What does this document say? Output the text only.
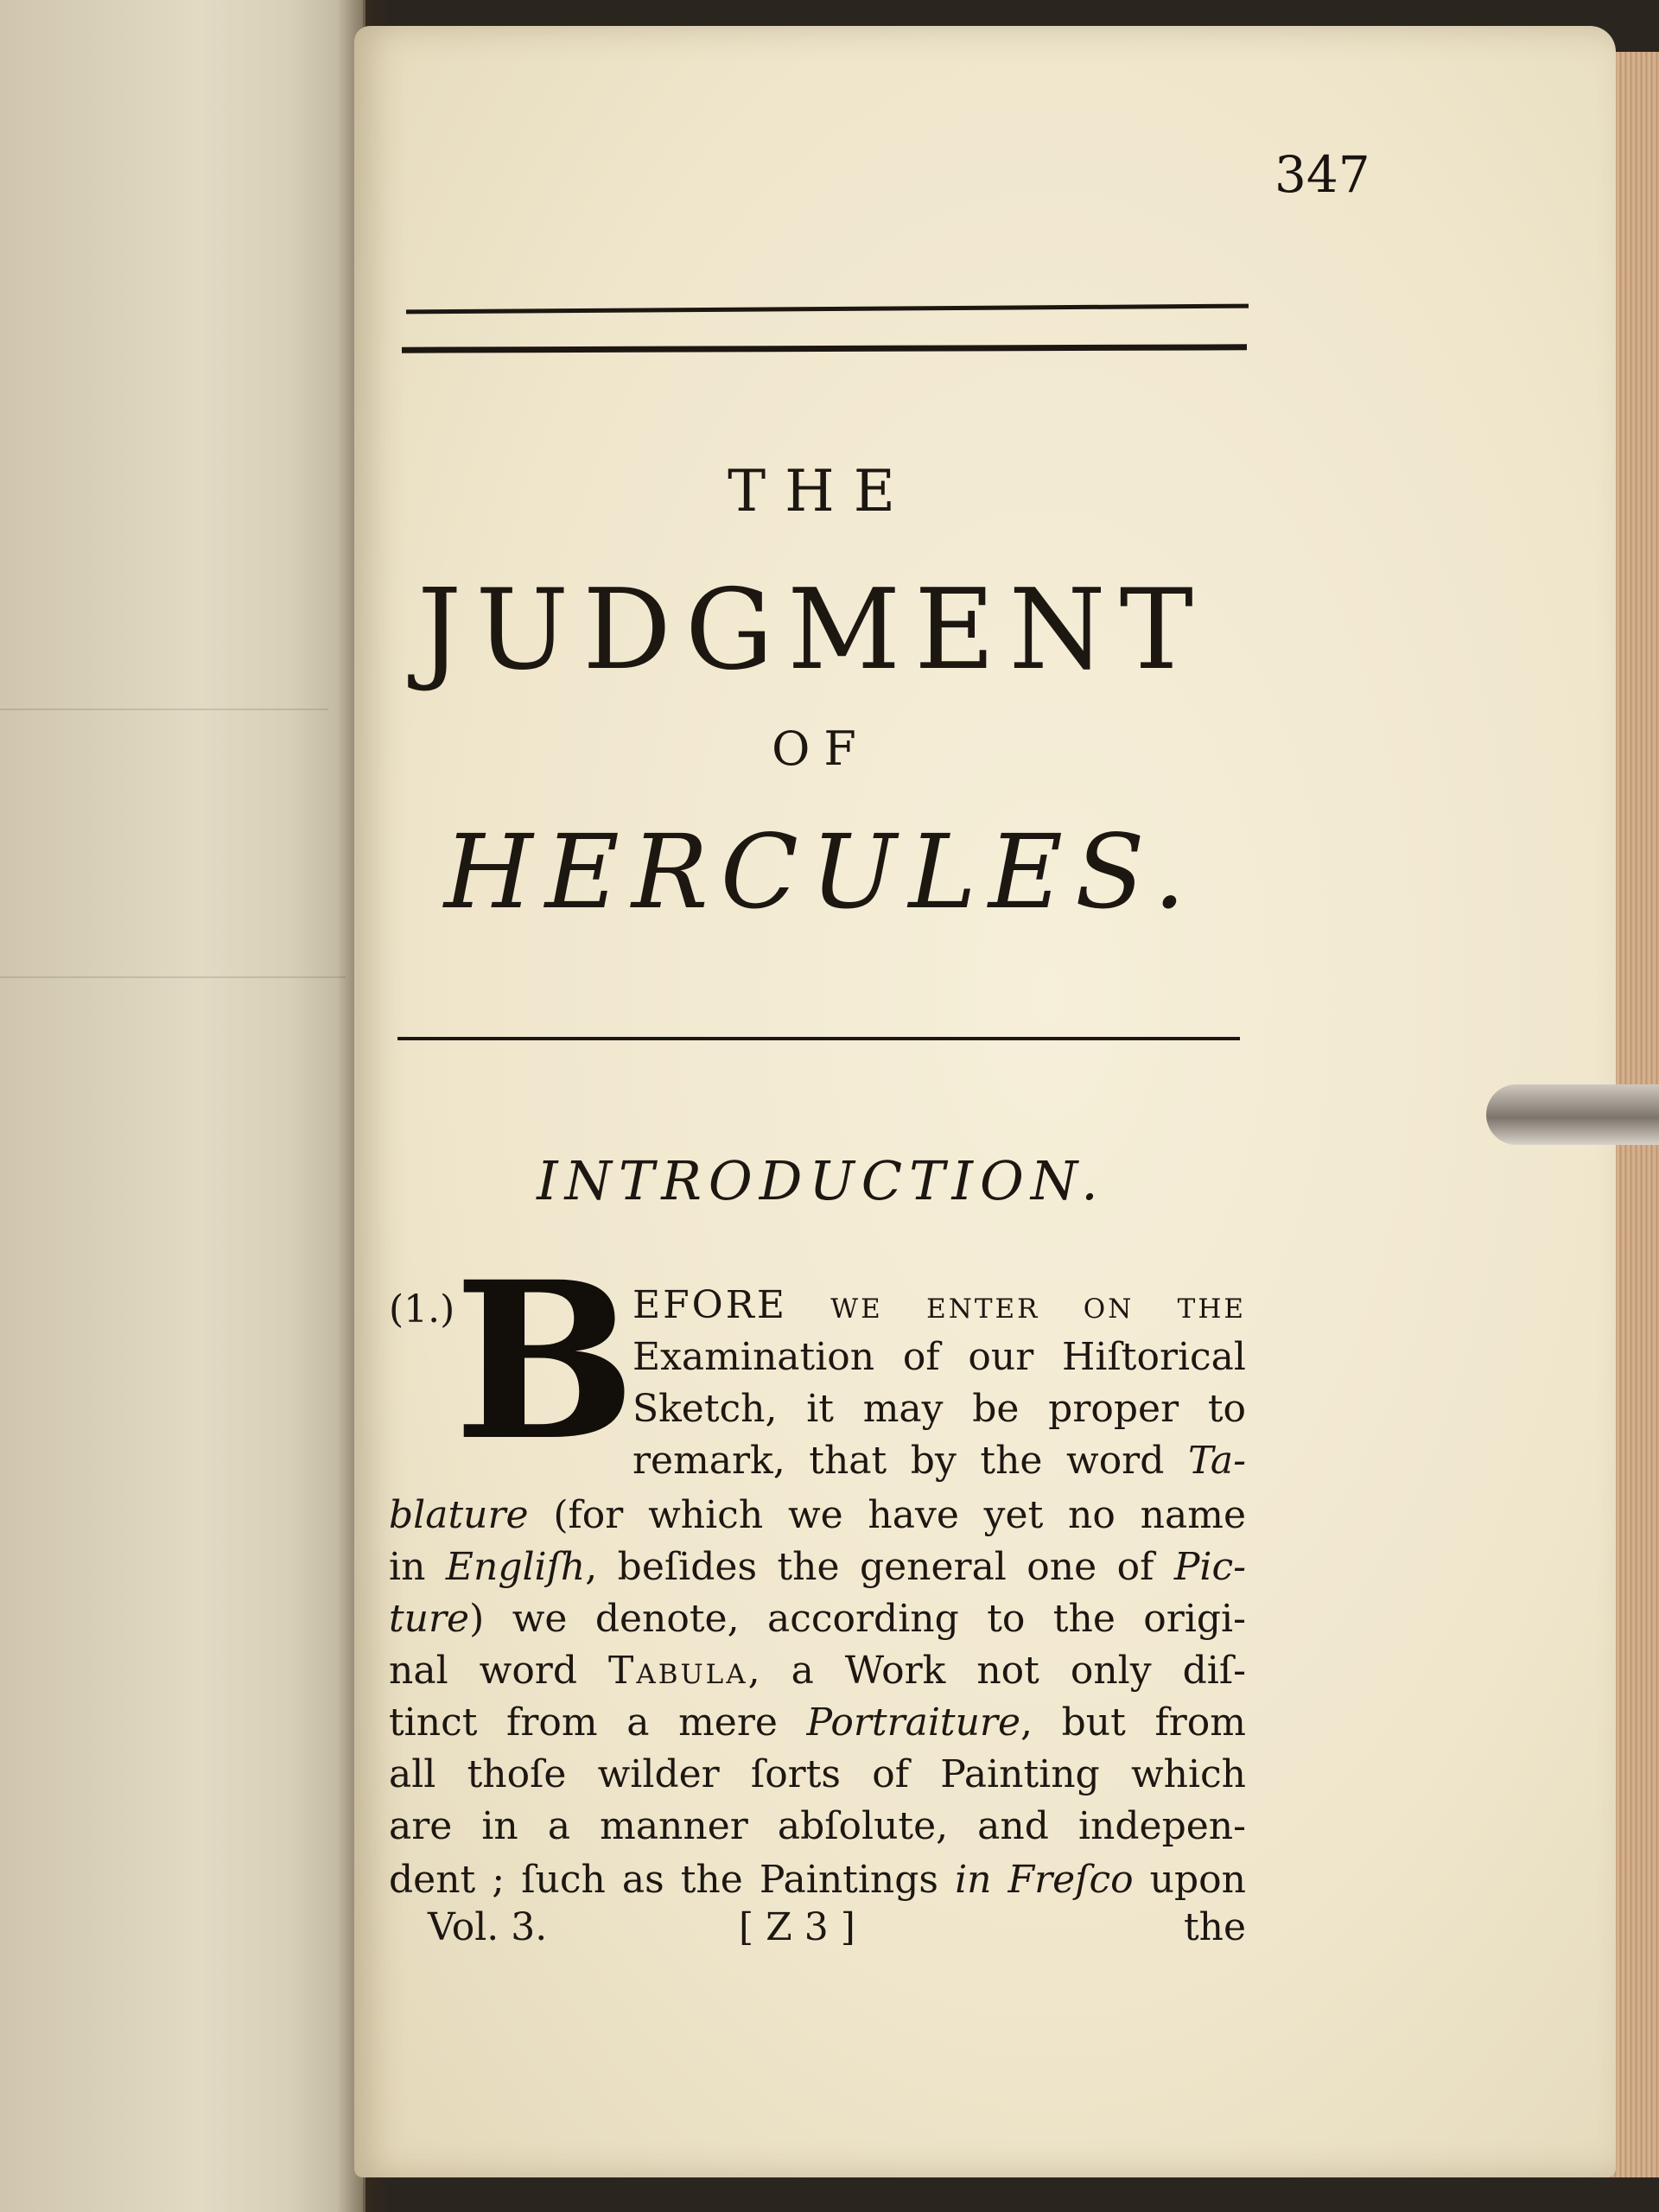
347
THE
JUDGMENT
OF
HERCULES.
INTRODUCTION.
(1.)
B
EFORE we enter on the
Examination of our Hiſtorical
Sketch, it may be proper to
remark, that by the word Ta-
blature (for which we have yet no name
in Engliſh, beſides the general one of Pic-
ture) we denote, according to the origi-
nal word Tabula, a Work not only diſ-
tinct from a mere Portraiture, but from
all thoſe wilder ſorts of Painting which
are in a manner abſolute, and indepen-
dent ; ſuch as the Paintings in Freſco upon
Vol. 3.	[ Z 3 ]	the
